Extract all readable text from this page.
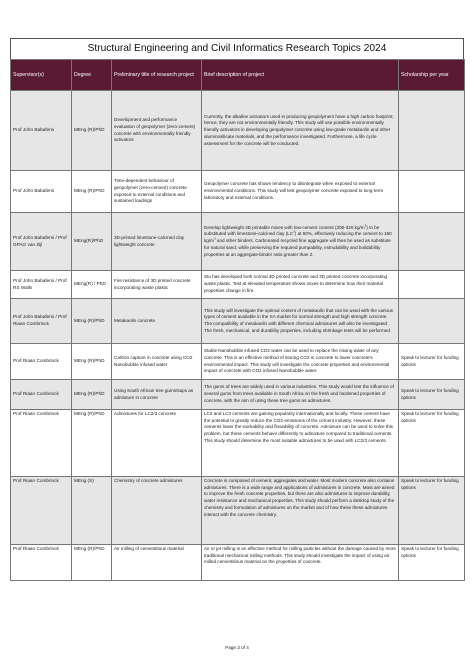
Structural Engineering and Civil Informatics Research Topics 2024
Supervisor(s)	Degree	Preliminary title of research project	Brief description of project	Scholarship per year
Prof John Babafemi	MEng (R)/PhD	Development and performance evaluation of geopolymer (zero-cement) concrete with environmentally friendly activators	Currently, the alkaline activators used in producing geopolymers have a high carbon footprint; hence, they are not environmentally friendly. This study will use possible environmentally friendly activators in developing geopolymer concrete using low-grade metakaolin and other aluminosilicate materials, and the performance investigated. Furthermore, a life cycle assessment for the concrete will be conducted.	
Prof John Babafemi	MEng (R)/PhD	Time-dependent behaviour of geopolymer (zero-cement) concrete exposed to external conditions and sustained loadings	Geopolymer concrete has shown tendency to disintegrate when exposed to external environmental conditions. This study will test geopolymer concrete exposed to long-term laboratory and external conditions.	
Prof John Babafemi / Prof GPAG van Zijl	MEng(R)/PhD	3D-printed limestone-calcined clay lightweight concrete	Develop lightweight 3D printable mixes with low-cement content (300-320 $kg/m^3$) to be substituted with limestone-calcined clay $(LC^3)$ at 50%, effectively reducing the cement to 150 $kg/m^3$ and other binders. Carbonated recycled fine aggregate will then be used as substitute for natural sand, while preserving the required pumpability, extrudability and buildability properties at an aggregate-binder ratio greater than 2.	
Prof John Babafemi / Prof RS Walls	MEng(R) / PhD	Fire resistance of 3D printed concrete incorporating waste plastic	Stu has developed both normal 3D printed concrete and 3D printed concrete incorporating waste plastic. Test at elevated temperature shows mixes to determine how their material properties change in fire.	
Prof John Babafemi / Prof Riaan Combrinck	MEng (R)/PhD	Metakaolin concrete	This study will investigate the optimal content of metakaolin that can be used with the various types of cement available in the SA market for normal strength and high strength concrete. The compatibility of metakaolin with different chemical admixtures will also be investigated. The fresh, mechanical, and durability properties, including shrinkage tests will be performed.	
Prof Riaan Combrinck	MEng (R)/PhD	Carbon capture in concrete using CO2 Nanobubble infused water	Stable Nanobubble infused CO2 water can be used to replace the mixing water of any concrete. This is an effective method of storing CO2 in concrete to lower concrete's environmental impact. This study will investigate the concrete properties and environmental impact of concrete with CO2 infused Nanobubble water.	Speak to lecturer for funding options
Prof Riaan Combrinck	MEng (R)/PhD	Using South African tree gums/saps as admixture in concrete	The gums of trees are widely used in various industries. This study would test the influence of several gums from trees available in South Africa on the fresh and hardened properties of concrete, with the aim of using these tree gums as admixtures.	Speak to lecturer for funding options
Prof Riaan Combrinck	MEng (R)/PhD	Admixtures for LC2/3 concrete	LC2 and LC3 cements are gaining popularity internationally and locally. These cement have the potential to greatly reduce the CO2-emissions of the cement industry. However, these cements lower the workability and flowability of concrete. Admixture can be used to solve this problem, but these cements behave differently to admixture compared to traditional cements. This study should determine the most suitable admixtures to be used with LC2/3 cements.	Speak to lecturer for funding options
Prof Riaan Combrinck	MEng (S)	Chemistry of concrete admixtures	Concrete is composed of cement, aggregates and water. Most modern concrete also contains admixtures. There is a wide range and applications of admixtures in concrete. Most are aimed to improve the fresh concrete properties, but there are also admixtures to improve durability, water resistance and mechanical properties. This study should perform a desktop study of the chemistry and formulation of admixtures on the market and of how these these admixtures interact with the concrete chemistry.	Speak to lecturer for funding options
Prof Riaan Combrinck	MEng (R)/PhD	Air milling of cementitious material	Air or jet milling is an effective method for milling particles without the damage caused by more traditional mechanical milling methods. This study should investigate the impact of using air milled cementitious material on the properties of concrete.	Speak to lecturer for funding options
Page 3 of 4
